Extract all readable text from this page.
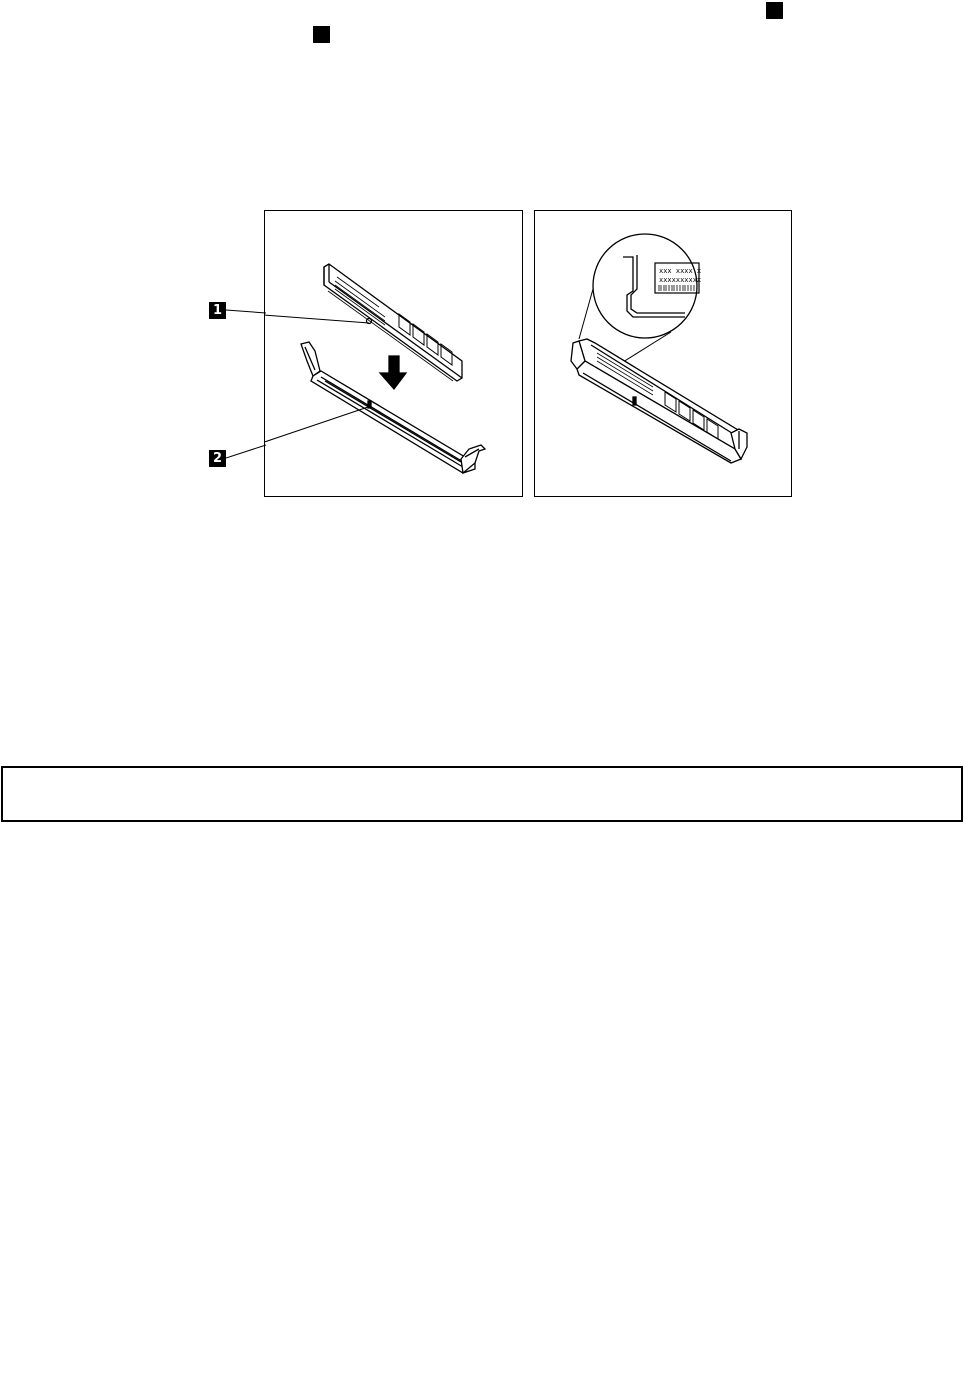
1
2
xxx xxxx x
xxxxxxxxxx
